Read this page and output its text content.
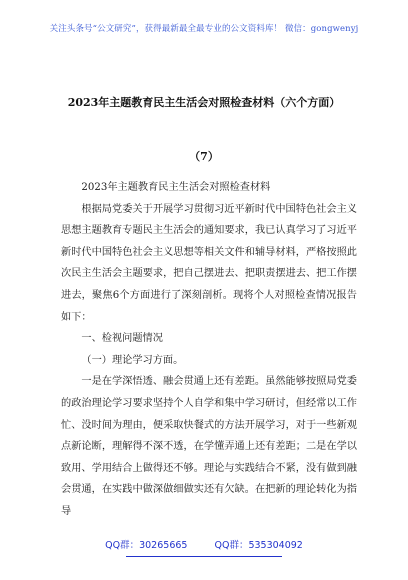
关注头条号“公文研究”，获得最新最全最专业的公文资料库！ 微信：gongwenyj
2023年主题教育民主生活会对照检查材料（六个方面）
（7）

2023年主题教育民主生活会对照检查材料

根据局党委关于开展学习贯彻习近平新时代中国特色社会主义思想主题教育专题民主生活会的通知要求，我已认真学习了习近平新时代中国特色社会主义思想等相关文件和辅导材料，严格按照此次民主生活会主题要求，把自己摆进去、把职责摆进去、把工作摆进去，聚焦6个方面进行了深刻剖析。现将个人对照检查情况报告如下：

一、检视问题情况

（一）理论学习方面。

一是在学深悟透、融会贯通上还有差距。虽然能够按照局党委的政治理论学习要求坚持个人自学和集中学习研讨，但经常以工作忙、没时间为理由，便采取快餐式的方法开展学习，对于一些新观点新论断，理解得不深不透，在学懂弄通上还有差距；二是在学以致用、学用结合上做得还不够。理论与实践结合不紧，没有做到融会贯通，在实践中做深做细做实还有欠缺。在把新的理论转化为指导

QQ群：30265665	QQ群：535304092
